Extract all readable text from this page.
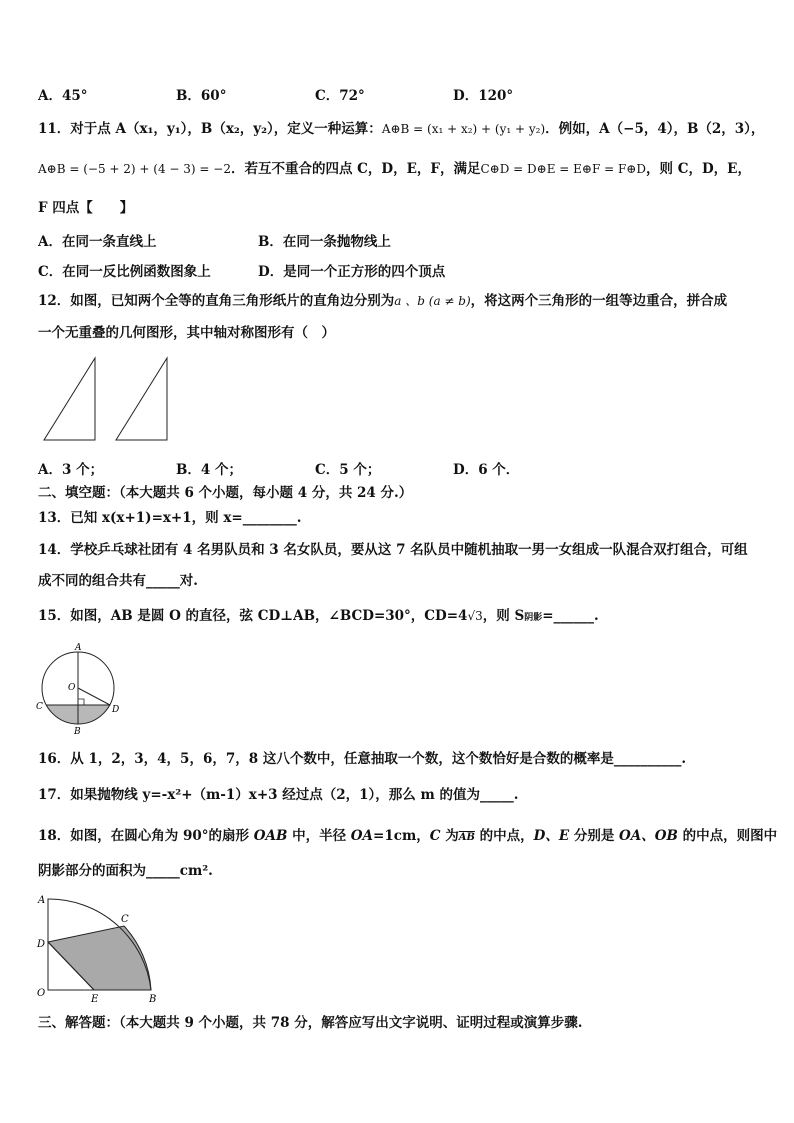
A．45°	B．60°	C．72°	D．120°
11．对于点 A（x₁，y₁），B（x₂，y₂），定义一种运算：A⊕B = (x₁ + x₂) + (y₁ + y₂)．例如，A（−5，4），B（2，3），
A⊕B = (−5 + 2) + (4 − 3) = −2．若互不重合的四点 C，D，E，F，满足C⊕D = D⊕E = E⊕F = F⊕D，则 C，D，E，
F 四点【　　】
A．在同一条直线上	B．在同一条抛物线上
C．在同一反比例函数图象上	D．是同一个正方形的四个顶点
12．如图，已知两个全等的直角三角形纸片的直角边分别为a 、b (a ≠ b)，将这两个三角形的一组等边重合，拼合成
一个无重叠的几何图形，其中轴对称图形有（　）
A．3 个；	B．4 个；	C．5 个；	D．6 个．
二、填空题：（本大题共 6 个小题，每小题 4 分，共 24 分.）
13．已知 x(x+1)=x+1，则 x=________.
14．学校乒乓球社团有 4 名男队员和 3 名女队员，要从这 7 名队员中随机抽取一男一女组成一队混合双打组合，可组
成不同的组合共有_____对.
15．如图，AB 是圆 O 的直径，弦 CD⊥AB，∠BCD=30°，CD=4√3，则 S阴影=______.
A
O
C	D
B
16．从 1，2，3，4，5，6，7，8 这八个数中，任意抽取一个数，这个数恰好是合数的概率是__________.
17．如果抛物线 y=-x²+（m-1）x+3 经过点（2，1），那么 m 的值为_____.
18．如图，在圆心角为 90°的扇形 OAB 中，半径 OA=1cm，C 为$\overline{AB}$ 的中点，D、E 分别是 OA、OB 的中点，则图中
阴影部分的面积为_____cm².
A
C
D
O
E	B
三、解答题：（本大题共 9 个小题，共 78 分，解答应写出文字说明、证明过程或演算步骤.
